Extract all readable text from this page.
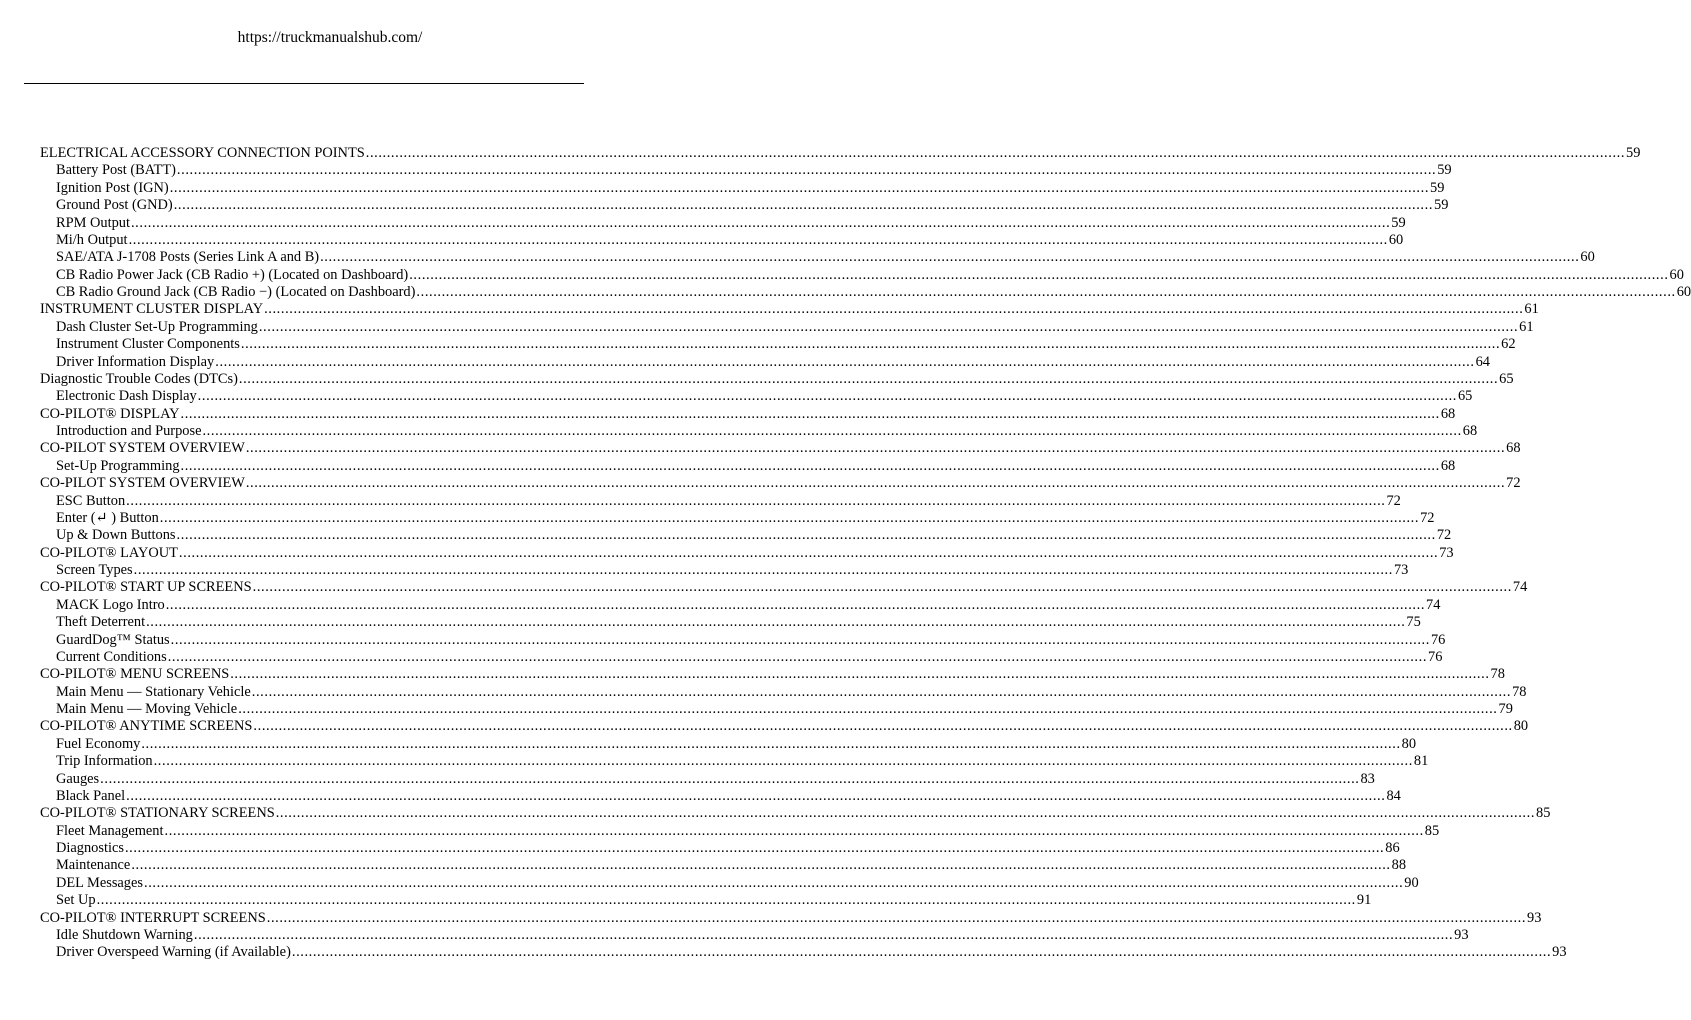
https://truckmanualshub.com/
ELECTRICAL ACCESSORY CONNECTION POINTS ............................................................................................................................................................................................................................................................................................................ 59
Battery Post (BATT) ............................................................................................................................................................................................................................................................................................................ 59
Ignition Post (IGN) ............................................................................................................................................................................................................................................................................................................ 59
Ground Post (GND) ............................................................................................................................................................................................................................................................................................................ 59
RPM Output ............................................................................................................................................................................................................................................................................................................ 59
Mi/h Output ............................................................................................................................................................................................................................................................................................................ 60
SAE/ATA J-1708 Posts (Series Link A and B) ............................................................................................................................................................................................................................................................................................................ 60
CB Radio Power Jack (CB Radio +) (Located on Dashboard) ............................................................................................................................................................................................................................................................................................................ 60
CB Radio Ground Jack (CB Radio −) (Located on Dashboard) ............................................................................................................................................................................................................................................................................................................ 60
INSTRUMENT CLUSTER DISPLAY ............................................................................................................................................................................................................................................................................................................ 61
Dash Cluster Set-Up Programming ............................................................................................................................................................................................................................................................................................................ 61
Instrument Cluster Components ............................................................................................................................................................................................................................................................................................................ 62
Driver Information Display ............................................................................................................................................................................................................................................................................................................ 64
Diagnostic Trouble Codes (DTCs) ............................................................................................................................................................................................................................................................................................................ 65
Electronic Dash Display ............................................................................................................................................................................................................................................................................................................ 65
CO-PILOT® DISPLAY ............................................................................................................................................................................................................................................................................................................ 68
Introduction and Purpose ............................................................................................................................................................................................................................................................................................................ 68
CO-PILOT SYSTEM OVERVIEW ............................................................................................................................................................................................................................................................................................................ 68
Set-Up Programming ............................................................................................................................................................................................................................................................................................................ 68
CO-PILOT SYSTEM OVERVIEW ............................................................................................................................................................................................................................................................................................................ 72
ESC Button ............................................................................................................................................................................................................................................................................................................ 72
Enter (↵ ) Button ............................................................................................................................................................................................................................................................................................................ 72
Up & Down Buttons ............................................................................................................................................................................................................................................................................................................ 72
CO-PILOT® LAYOUT ............................................................................................................................................................................................................................................................................................................ 73
Screen Types ............................................................................................................................................................................................................................................................................................................ 73
CO-PILOT® START UP SCREENS ............................................................................................................................................................................................................................................................................................................ 74
MACK Logo Intro ............................................................................................................................................................................................................................................................................................................ 74
Theft Deterrent ............................................................................................................................................................................................................................................................................................................ 75
GuardDog™ Status ............................................................................................................................................................................................................................................................................................................ 76
Current Conditions ............................................................................................................................................................................................................................................................................................................ 76
CO-PILOT® MENU SCREENS ............................................................................................................................................................................................................................................................................................................ 78
Main Menu — Stationary Vehicle ............................................................................................................................................................................................................................................................................................................ 78
Main Menu — Moving Vehicle ............................................................................................................................................................................................................................................................................................................ 79
CO-PILOT® ANYTIME SCREENS ............................................................................................................................................................................................................................................................................................................ 80
Fuel Economy ............................................................................................................................................................................................................................................................................................................ 80
Trip Information ............................................................................................................................................................................................................................................................................................................ 81
Gauges ............................................................................................................................................................................................................................................................................................................ 83
Black Panel ............................................................................................................................................................................................................................................................................................................ 84
CO-PILOT® STATIONARY SCREENS ............................................................................................................................................................................................................................................................................................................ 85
Fleet Management ............................................................................................................................................................................................................................................................................................................ 85
Diagnostics ............................................................................................................................................................................................................................................................................................................ 86
Maintenance ............................................................................................................................................................................................................................................................................................................ 88
DEL Messages ............................................................................................................................................................................................................................................................................................................ 90
Set Up ............................................................................................................................................................................................................................................................................................................ 91
CO-PILOT® INTERRUPT SCREENS ............................................................................................................................................................................................................................................................................................................ 93
Idle Shutdown Warning ............................................................................................................................................................................................................................................................................................................ 93
Driver Overspeed Warning (if Available) ............................................................................................................................................................................................................................................................................................................ 93
